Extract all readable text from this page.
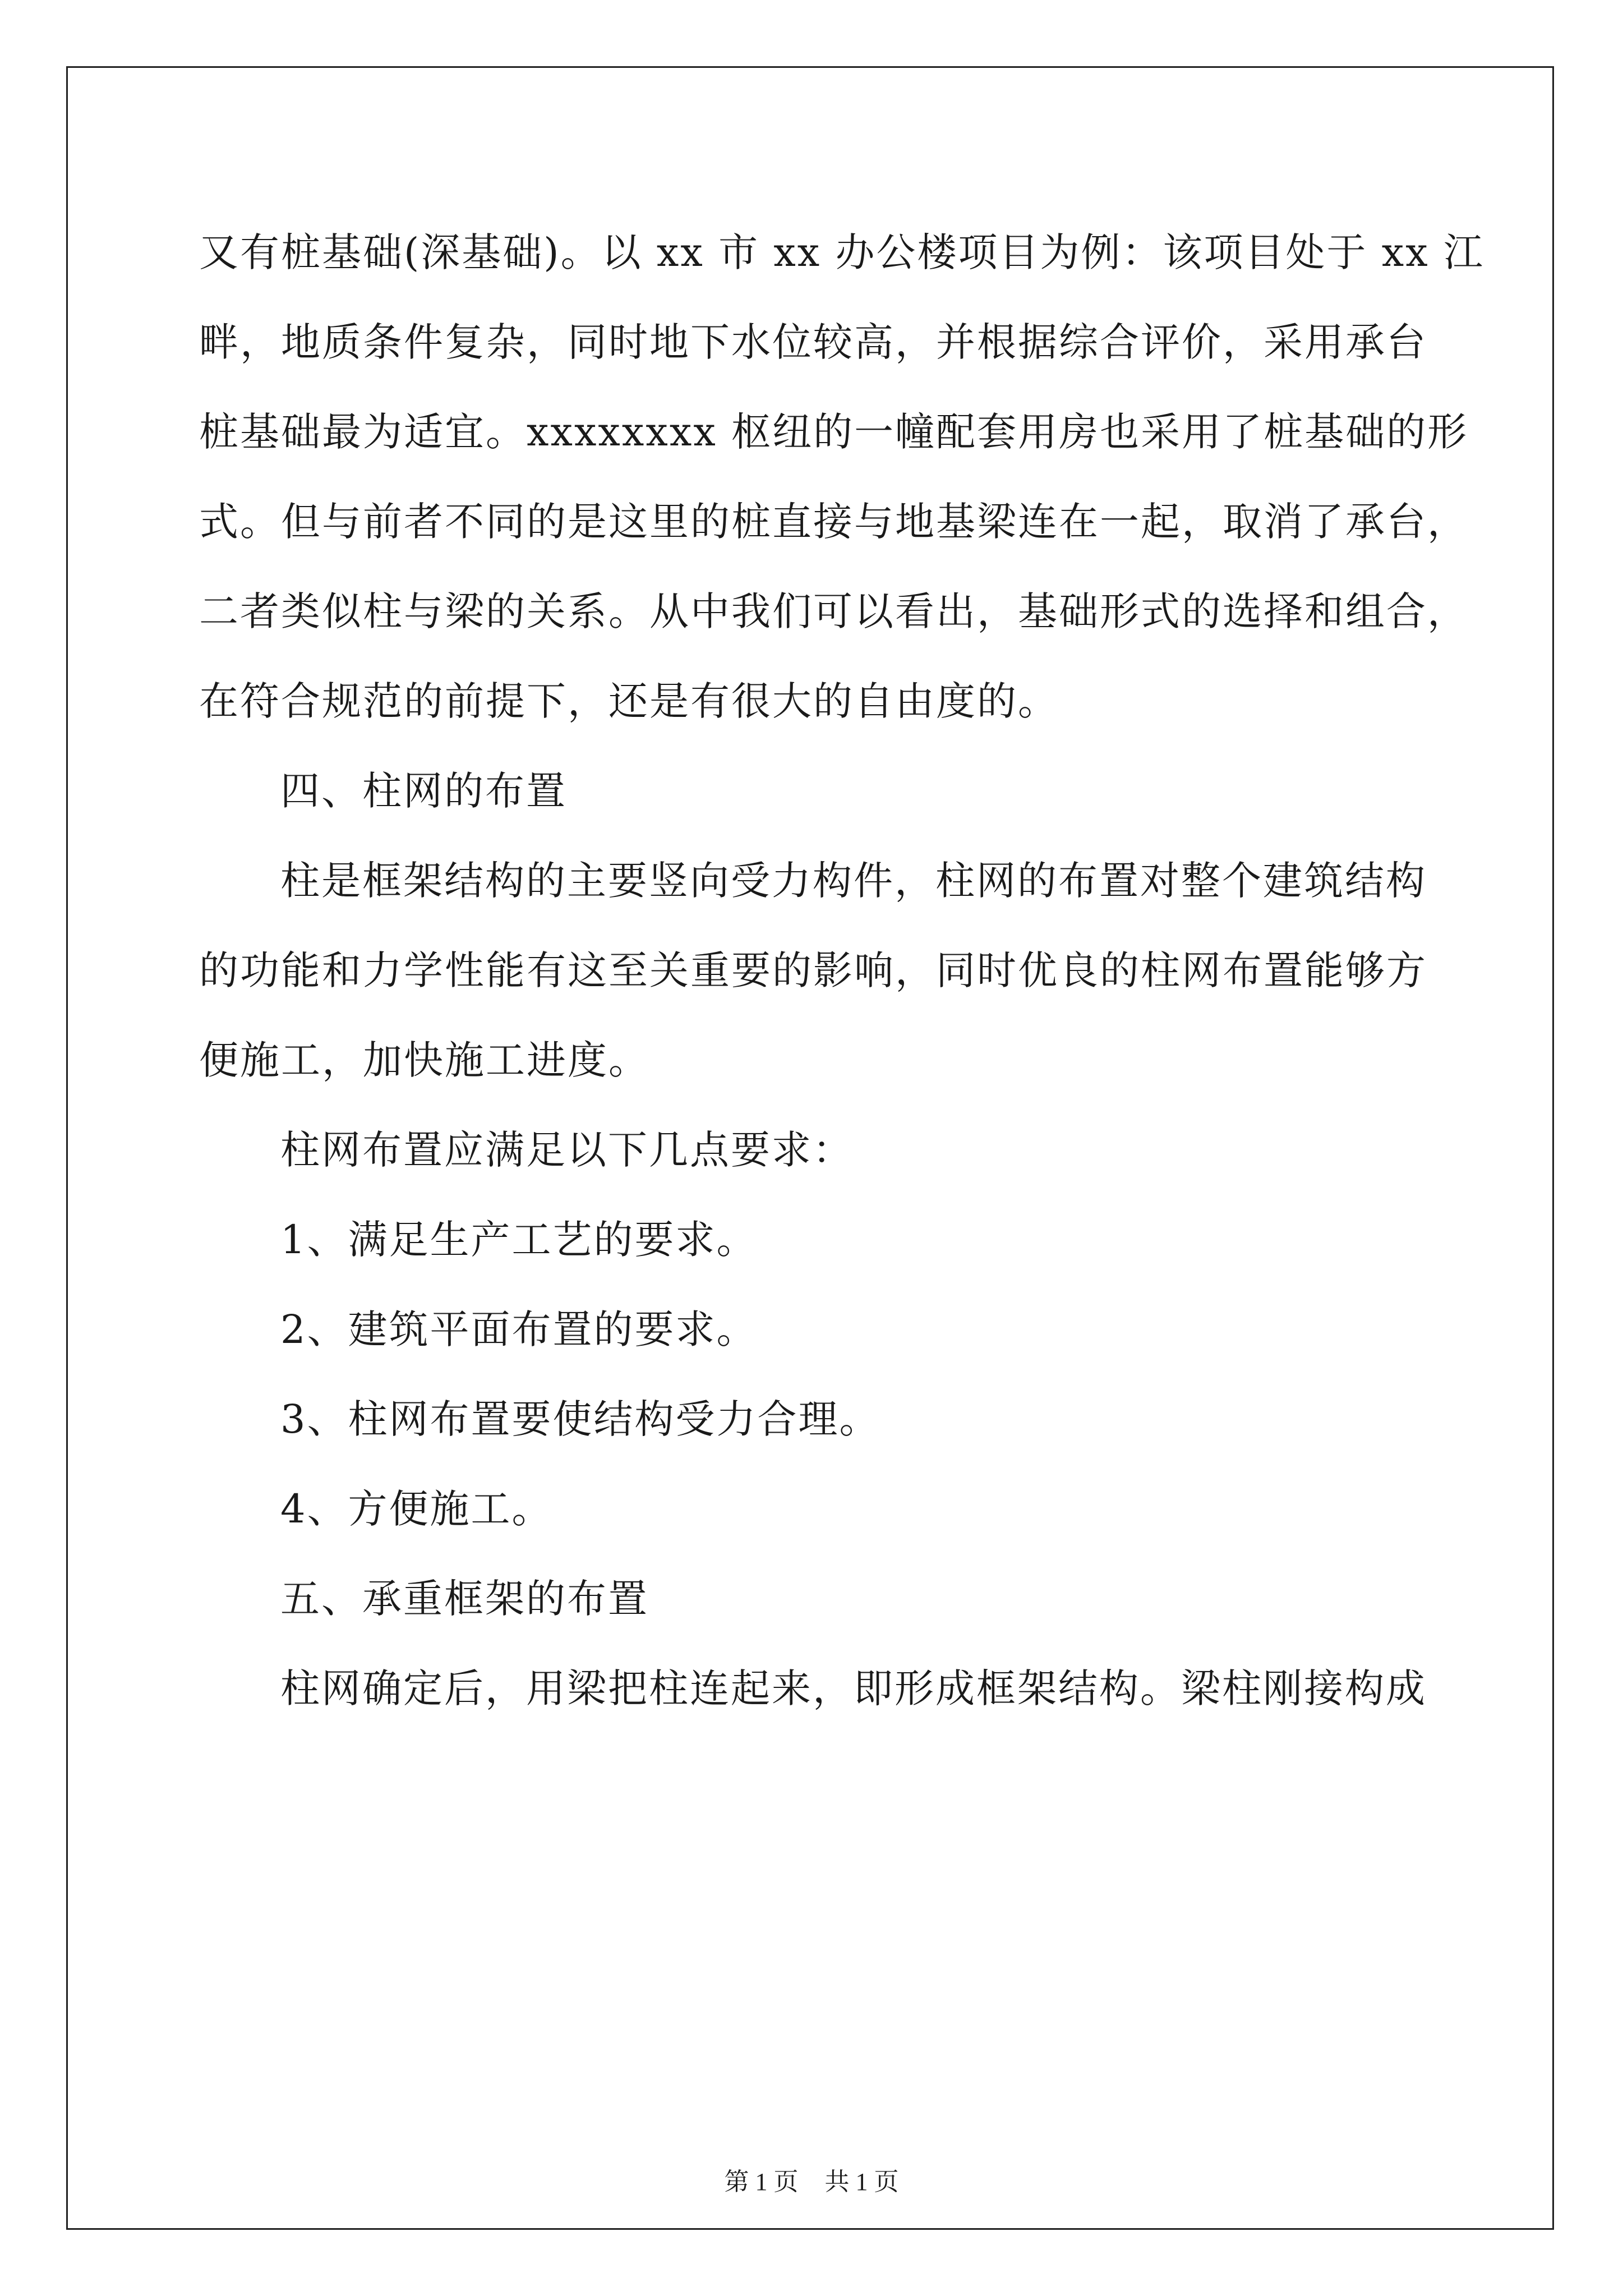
又有桩基础(深基础)。以 xx 市 xx 办公楼项目为例：该项目处于 xx 江
畔，地质条件复杂，同时地下水位较高，并根据综合评价，采用承台
桩基础最为适宜。xxxxxxxx 枢纽的一幢配套用房也采用了桩基础的形
式。但与前者不同的是这里的桩直接与地基梁连在一起，取消了承台，
二者类似柱与梁的关系。从中我们可以看出，基础形式的选择和组合，
在符合规范的前提下，还是有很大的自由度的。
四、柱网的布置
柱是框架结构的主要竖向受力构件，柱网的布置对整个建筑结构
的功能和力学性能有这至关重要的影响，同时优良的柱网布置能够方
便施工，加快施工进度。
柱网布置应满足以下几点要求：
1、满足生产工艺的要求。
2、建筑平面布置的要求。
3、柱网布置要使结构受力合理。
4、方便施工。
五、承重框架的布置
柱网确定后，用梁把柱连起来，即形成框架结构。梁柱刚接构成
第 1 页 共 1 页
